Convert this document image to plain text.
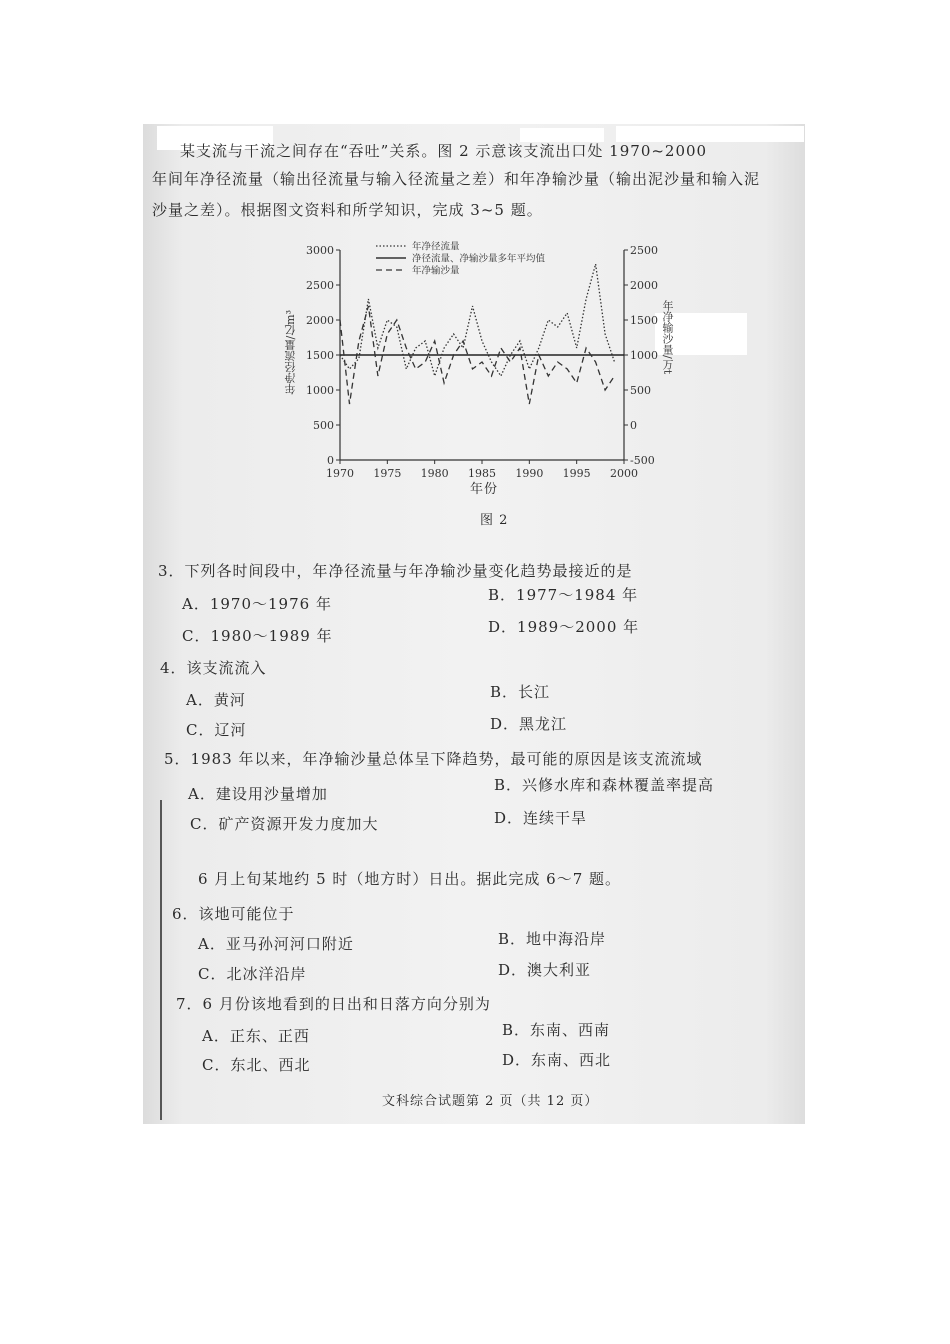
某支流与干流之间存在“吞吐”关系。图 2 示意该支流出口处 1970~2000
年间年净径流量（输出径流量与输入径流量之差）和年净输沙量（输出泥沙量和输入泥
沙量之差）。根据图文资料和所学知识，完成 3~5 题。
0
500
1000
1500
2000
2500
3000
-500
0
500
1000
1500
2000
2500
1970 1975 1980 1985 1990 1995 2000
年净径流量
净径流量、净输沙量多年平均值
年净输沙量
年净径流量/亿m³	年净输沙量/万t
年份
图 2
3．下列各时间段中，年净径流量与年净输沙量变化趋势最接近的是
A．1970～1976 年	B．1977～1984 年
C．1980～1989 年	D．1989～2000 年
4．该支流流入
A．黄河	B．长江
C．辽河	D．黑龙江
5．1983 年以来，年净输沙量总体呈下降趋势，最可能的原因是该支流流域
A．建设用沙量增加	B．兴修水库和森林覆盖率提高
C．矿产资源开发力度加大	D．连续干旱
6 月上旬某地约 5 时（地方时）日出。据此完成 6～7 题。
6．该地可能位于
A．亚马孙河河口附近	B．地中海沿岸
C．北冰洋沿岸	D．澳大利亚
7．6 月份该地看到的日出和日落方向分别为
A．正东、正西	B．东南、西南
C．东北、西北	D．东南、西北
文科综合试题第 2 页（共 12 页）
